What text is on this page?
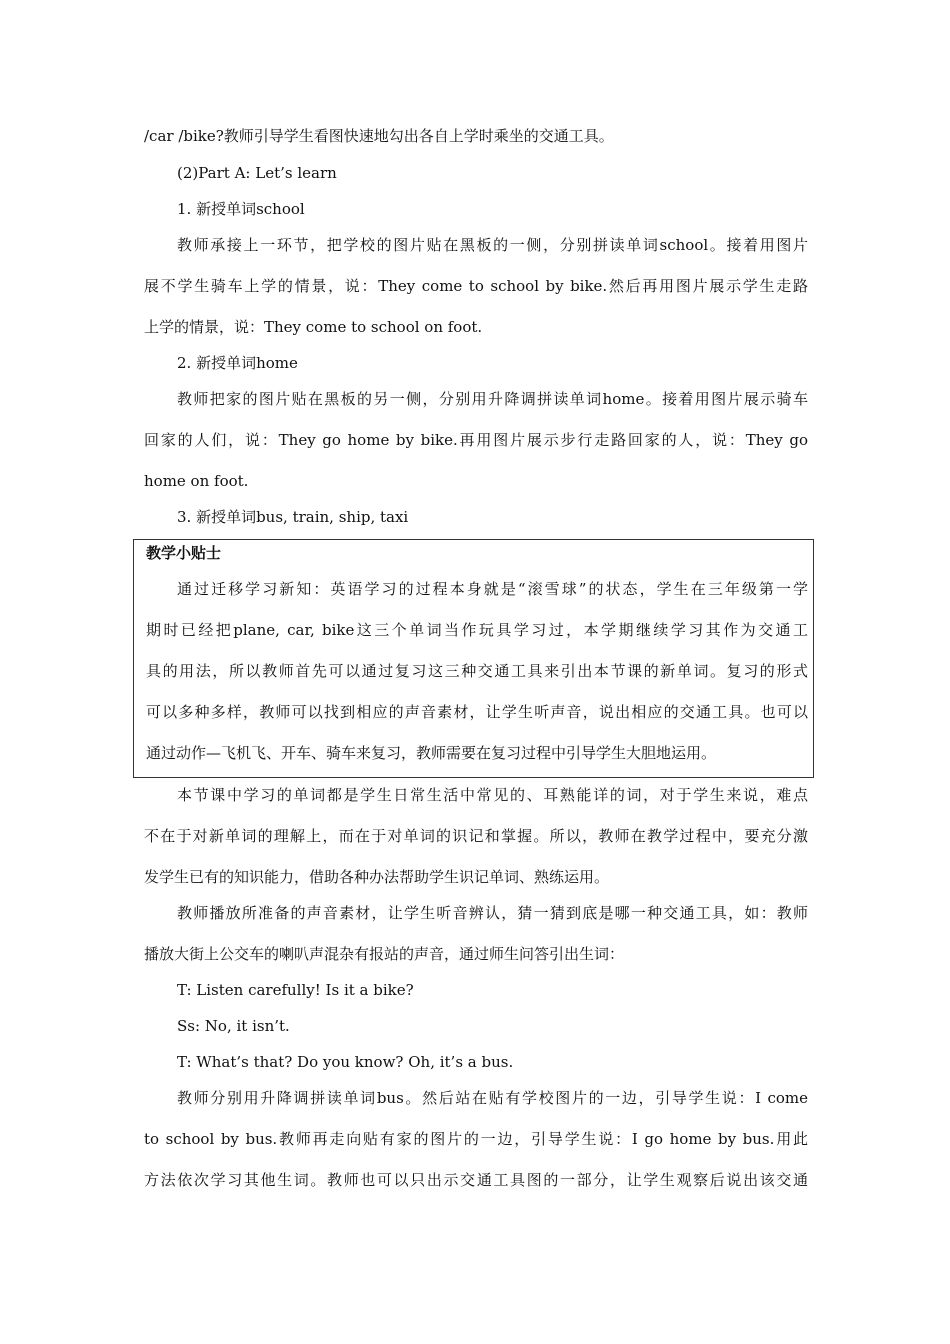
/car /bike?教师引导学生看图快速地勾出各自上学时乘坐的交通工具。
(2)Part A: Let’s learn
1. 新授单词school
教师承接上一环节，把学校的图片贴在黑板的一侧，分别拼读单词school。接着用图片
展不学生骑车上学的情景，说：They come to school by bike.然后再用图片展示学生走路
上学的情景，说：They come to school on foot.
2. 新授单词home
教师把家的图片贴在黑板的另一侧，分别用升降调拼读单词home。接着用图片展示骑车
回家的人们，说：They go home by bike.再用图片展示步行走路回家的人，说：They go
home on foot.
3. 新授单词bus, train, ship, taxi
教学小贴士
通过迁移学习新知：英语学习的过程本身就是“滚雪球”的状态，学生在三年级第一学
期时已经把plane, car, bike这三个单词当作玩具学习过，本学期继续学习其作为交通工
具的用法，所以教师首先可以通过复习这三种交通工具来引出本节课的新单词。复习的形式
可以多种多样，教师可以找到相应的声音素材，让学生听声音，说出相应的交通工具。也可以
通过动作—飞机飞、开车、骑车来复习，教师需要在复习过程中引导学生大胆地运用。
本节课中学习的单词都是学生日常生活中常见的、耳熟能详的词，对于学生来说，难点
不在于对新单词的理解上，而在于对单词的识记和掌握。所以，教师在教学过程中，要充分激
发学生已有的知识能力，借助各种办法帮助学生识记单词、熟练运用。
教师播放所准备的声音素材，让学生听音辨认，猜一猜到底是哪一种交通工具，如：教师
播放大街上公交车的喇叭声混杂有报站的声音，通过师生问答引出生词：
T: Listen carefully! Is it a bike?
Ss: No, it isn’t.
T: What’s that? Do you know? Oh, it’s a bus.
教师分别用升降调拼读单词bus。然后站在贴有学校图片的一边，引导学生说：I come
to school by bus.教师再走向贴有家的图片的一边，引导学生说：I go home by bus.用此
方法依次学习其他生词。教师也可以只出示交通工具图的一部分，让学生观察后说出该交通
